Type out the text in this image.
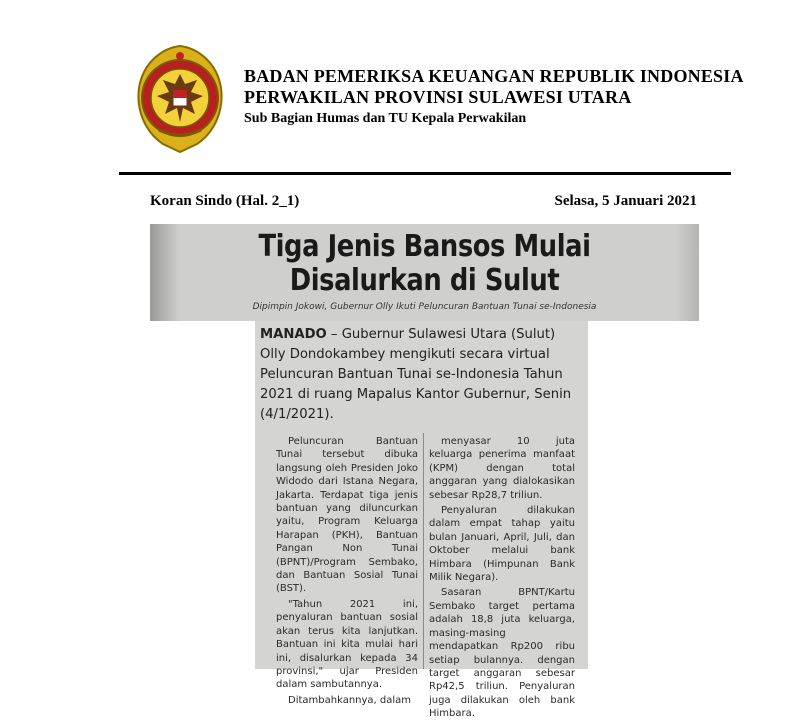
BADAN PEMERIKSA KEUANGAN REPUBLIK INDONESIA
PERWAKILAN PROVINSI SULAWESI UTARA
Sub Bagian Humas dan TU Kepala Perwakilan
Koran Sindo (Hal. 2_1)	Selasa, 5 Januari 2021
Tiga Jenis Bansos Mulai
Disalurkan di Sulut
Dipimpin Jokowi, Gubernur Olly Ikuti Peluncuran Bantuan Tunai se-Indonesia
MANADO – Gubernur Sulawesi Utara (Sulut) Olly Dondokambey mengikuti secara virtual Peluncuran Bantuan Tunai se-Indonesia Tahun 2021 di ruang Mapalus Kantor Gubernur, Senin (4/1/2021).

Peluncuran Bantuan Tunai tersebut dibuka langsung oleh Presiden Joko Widodo dari Istana Negara, Jakarta. Terdapat tiga jenis bantuan yang diluncurkan yaitu, Program Keluarga Harapan (PKH), Bantuan Pangan Non Tunai (BPNT)/Program Sembako, dan Bantuan Sosial Tunai (BST).

"Tahun 2021 ini, penyaluran bantuan sosial akan terus kita lanjutkan. Bantuan ini kita mulai hari ini, disalurkan kepada 34 provinsi," ujar Presiden dalam sambutannya.

Ditambahkannya, dalam

menyasar 10 juta keluarga penerima manfaat (KPM) dengan total anggaran yang dialokasikan sebesar Rp28,7 triliun.

Penyaluran dilakukan dalam empat tahap yaitu bulan Januari, April, Juli, dan Oktober melalui bank Himbara (Himpunan Bank Milik Negara).

Sasaran BPNT/Kartu Sembako target pertama adalah 18,8 juta keluarga, masing-masing mendapatkan Rp200 ribu setiap bulannya. dengan target anggaran sebesar Rp42,5 triliun. Penyaluran juga dilakukan oleh bank Himbara.
